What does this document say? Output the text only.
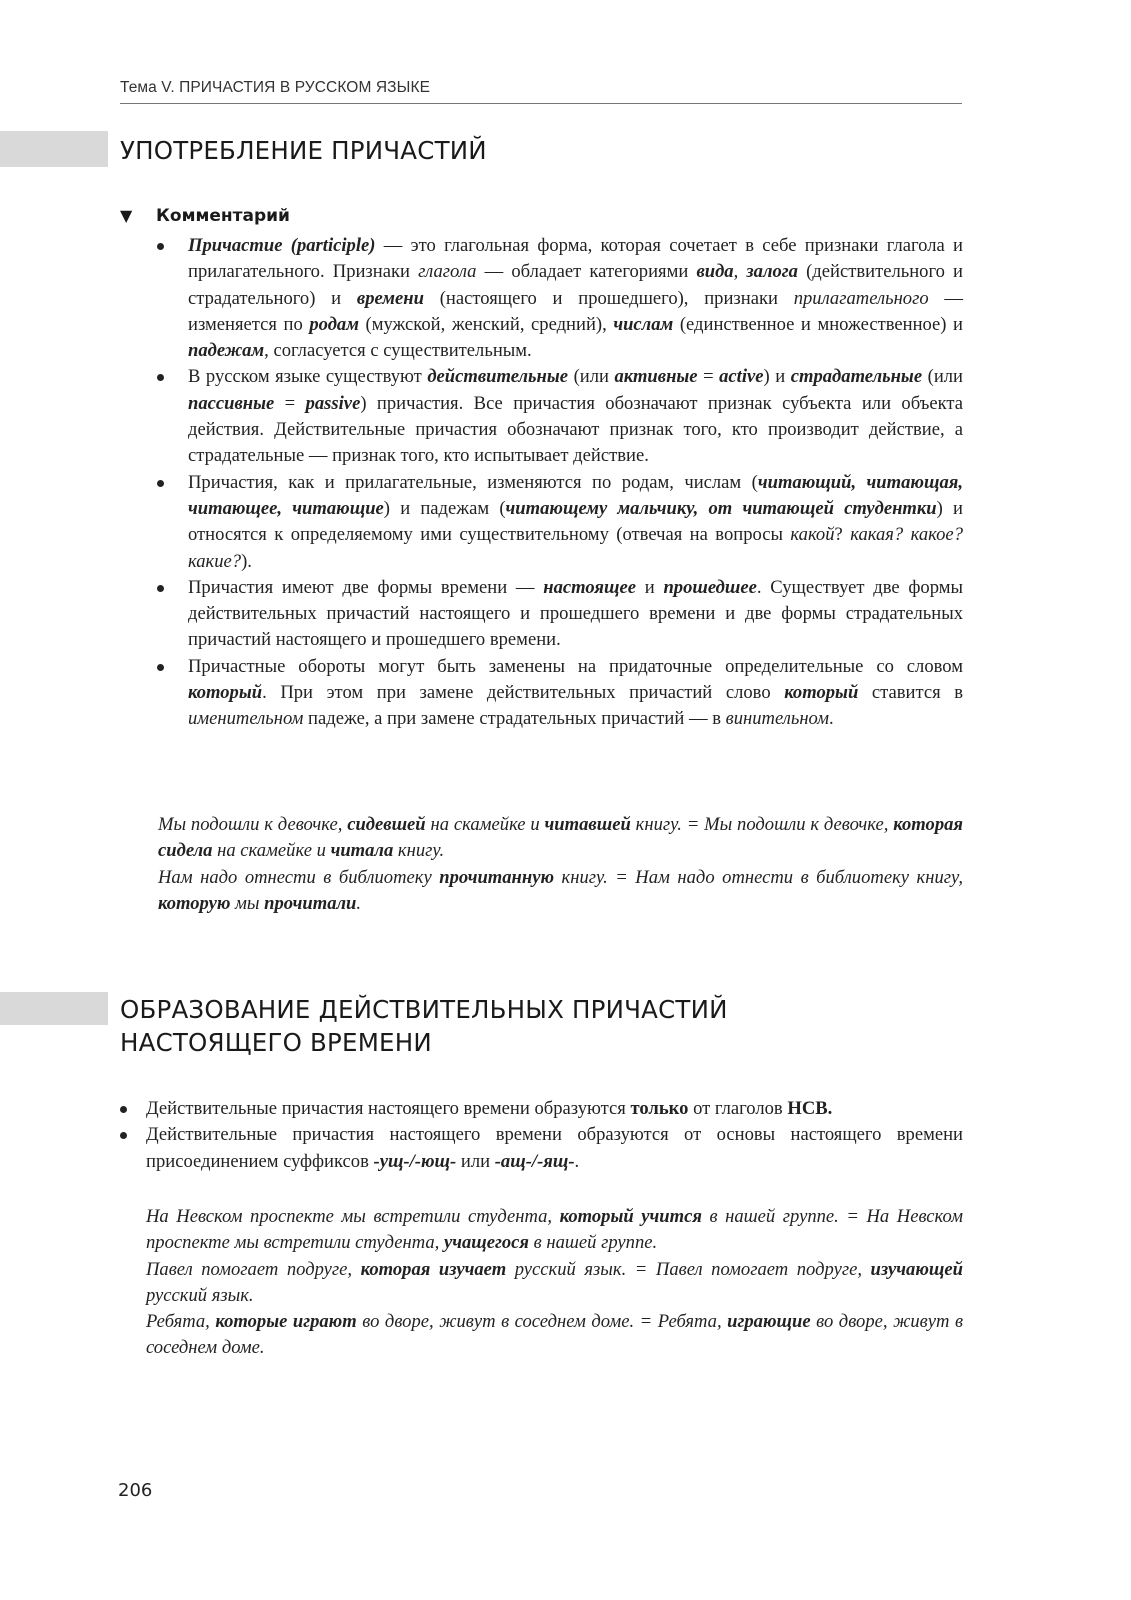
Тема V. ПРИЧАСТИЯ В РУССКОМ ЯЗЫКЕ
УПОТРЕБЛЕНИЕ ПРИЧАСТИЙ
▼ Комментарий
Причастие (participle) — это глагольная форма, которая сочетает в себе признаки глагола и прилагательного. Признаки глагола — обладает категориями вида, залога (действительного и страдательного) и времени (настоящего и прошедшего), признаки прилагательного — изменяется по родам (мужской, женский, средний), числам (единственное и множественное) и падежам, согласуется с существительным.
В русском языке существуют действительные (или активные = active) и страдательные (или пассивные = passive) причастия. Все причастия обозначают признак субъекта или объекта действия. Действительные причастия обозначают признак того, кто производит действие, а страдательные — признак того, кто испытывает действие.
Причастия, как и прилагательные, изменяются по родам, числам (читающий, читающая, читающее, читающие) и падежам (читающему мальчику, от читающей студентки) и относятся к определяемому ими существительному (отвечая на вопросы какой? какая? какое? какие?).
Причастия имеют две формы времени — настоящее и прошедшее. Существует две формы действительных причастий настоящего и прошедшего времени и две формы страдательных причастий настоящего и прошедшего времени.
Причастные обороты могут быть заменены на придаточные определительные со словом который. При этом при замене действительных причастий слово который ставится в именительном падеже, а при замене страдательных причастий — в винительном.

Мы подошли к девочке, сидевшей на скамейке и читавшей книгу. = Мы подошли к девочке, которая сидела на скамейке и читала книгу.

Нам надо отнести в библиотеку прочитанную книгу. = Нам надо отнести в библиотеку книгу, которую мы прочитали.

ОБРАЗОВАНИЕ ДЕЙСТВИТЕЛЬНЫХ ПРИЧАСТИЙ
НАСТОЯЩЕГО ВРЕМЕНИ
Действительные причастия настоящего времени образуются только от глаголов НСВ.
Действительные причастия настоящего времени образуются от основы настоящего времени присоединением суффиксов -ущ-/-ющ- или -ащ-/-ящ-.

На Невском проспекте мы встретили студента, который учится в нашей группе. = На Невском проспекте мы встретили студента, учащегося в нашей группе.

Павел помогает подруге, которая изучает русский язык. = Павел помогает подруге, изучающей русский язык.

Ребята, которые играют во дворе, живут в соседнем доме. = Ребята, играющие во дворе, живут в соседнем доме.

206
